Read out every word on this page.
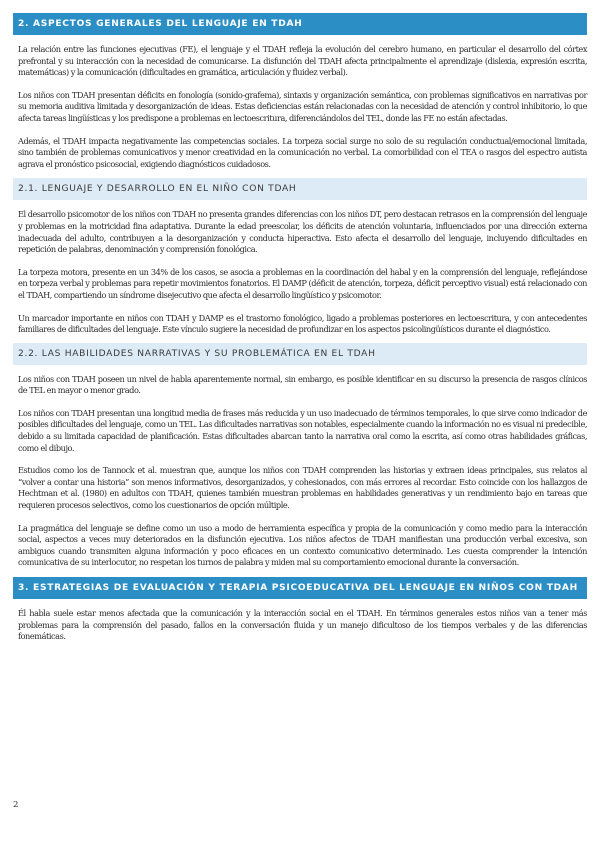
2. ASPECTOS GENERALES DEL LENGUAJE EN TDAH

La relación entre las funciones ejecutivas (FE), el lenguaje y el TDAH refleja la evolución del cerebro humano, en particular el desarrollo del córtex prefrontal y su interacción con la necesidad de comunicarse. La disfunción del TDAH afecta principalmente el aprendizaje (dislexia, expresión escrita, matemáticas) y la comunicación (dificultades en gramática, articulación y fluidez verbal).

Los niños con TDAH presentan déficits en fonología (sonido-grafema), sintaxis y organización semántica, con problemas significativos en narrativas por su memoria auditiva limitada y desorganización de ideas. Estas deficiencias están relacionadas con la necesidad de atención y control inhibitorio, lo que afecta tareas lingüísticas y los predispone a problemas en lectoescritura, diferenciándolos del TEL, donde las FE no están afectadas.

Además, el TDAH impacta negativamente las competencias sociales. La torpeza social surge no solo de su regulación conductual/emocional limitada, sino también de problemas comunicativos y menor creatividad en la comunicación no verbal. La comorbilidad con el TEA o rasgos del espectro autista agrava el pronóstico psicosocial, exigiendo diagnósticos cuidadosos.

2.1. LENGUAJE Y DESARROLLO EN EL NIÑO CON TDAH

El desarrollo psicomotor de los niños con TDAH no presenta grandes diferencias con los niños DT, pero destacan retrasos en la comprensión del lenguaje y problemas en la motricidad fina adaptativa. Durante la edad preescolar, los déficits de atención voluntaria, influenciados por una dirección externa inadecuada del adulto, contribuyen a la desorganización y conducta hiperactiva. Esto afecta el desarrollo del lenguaje, incluyendo dificultades en repetición de palabras, denominación y comprensión fonológica.

La torpeza motora, presente en un 34% de los casos, se asocia a problemas en la coordinación del habal y en la comprensión del lenguaje, reflejándose en torpeza verbal y problemas para repetir movimientos fonatorios. El DAMP (déficit de atención, torpeza, déficit perceptivo visual) está relacionado con el TDAH, compartiendo un síndrome disejecutivo que afecta el desarrollo lingüístico y psicomotor.

Un marcador importante en niños con TDAH y DAMP es el trastorno fonológico, ligado a problemas posteriores en lectoescritura, y con antecedentes familiares de dificultades del lenguaje. Este vínculo sugiere la necesidad de profundizar en los aspectos psicolingüísticos durante el diagnóstico.

2.2. LAS HABILIDADES NARRATIVAS Y SU PROBLEMÁTICA EN EL TDAH

Los niños con TDAH poseen un nivel de habla aparentemente normal, sin embargo, es posible identificar en su discurso la presencia de rasgos clínicos de TEL en mayor o menor grado.

Los niños con TDAH presentan una longitud media de frases más reducida y un uso inadecuado de términos temporales, lo que sirve como indicador de posibles dificultades del lenguaje, como un TEL. Las dificultades narrativas son notables, especialmente cuando la información no es visual ni predecible, debido a su limitada capacidad de planificación. Estas dificultades abarcan tanto la narrativa oral como la escrita, así como otras habilidades gráficas, como el dibujo.

Estudios como los de Tannock et al. muestran que, aunque los niños con TDAH comprenden las historias y extraen ideas principales, sus relatos al “volver a contar una historia” son menos informativos, desorganizados, y cohesionados, con más errores al recordar. Esto coincide con los hallazgos de Hechtman et al. (1980) en adultos con TDAH, quienes también muestran problemas en habilidades generativas y un rendimiento bajo en tareas que requieren procesos selectivos, como los cuestionarios de opción múltiple.

La pragmática del lenguaje se define como un uso a modo de herramienta específica y propia de la comunicación y como medio para la interacción social, aspectos a veces muy deteriorados en la disfunción ejecutiva. Los niños afectos de TDAH manifiestan una producción verbal excesiva, son ambiguos cuando transmiten alguna información y poco eficaces en un contexto comunicativo determinado. Les cuesta comprender la intención comunicativa de su interlocutor, no respetan los turnos de palabra y miden mal su comportamiento emocional durante la conversación.

3. ESTRATEGIAS DE EVALUACIÓN Y TERAPIA PSICOEDUCATIVA DEL LENGUAJE EN NIÑOS CON TDAH

Él habla suele estar menos afectada que la comunicación y la interacción social en el TDAH. En términos generales estos niños van a tener más problemas para la comprensión del pasado, fallos en la conversación fluida y un manejo dificultoso de los tiempos verbales y de las diferencias fonemáticas.

2
